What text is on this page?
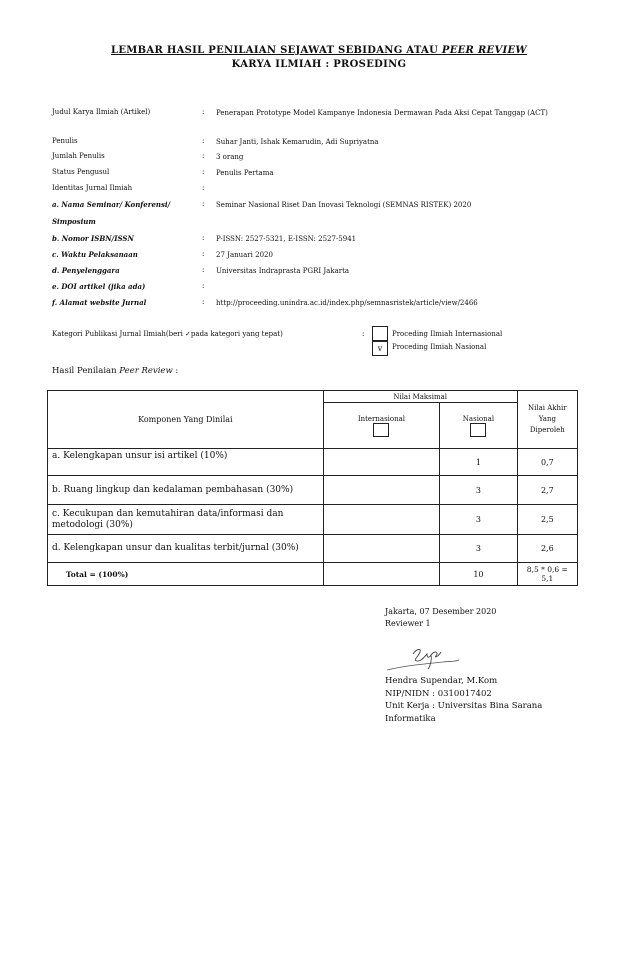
LEMBAR HASIL PENILAIAN SEJAWAT SEBIDANG ATAU PEER REVIEW
KARYA ILMIAH : PROSEDING
Judul Karya Ilmiah (Artikel)	: Penerapan Prototype Model Kampanye Indonesia Dermawan Pada Aksi Cepat Tanggap (ACT)
Penulis	: Suhar Janti, Ishak Kemarudin, Adi Supriyatna
Jumlah Penulis	: 3 orang
Status Pengusul	: Penulis Pertama
Identitas Jurnal Ilmiah	:
a. Nama Seminar/ Konferensi/	: Seminar Nasional Riset Dan Inovasi Teknologi (SEMNAS RISTEK) 2020
Simposium
b. Nomor ISBN/ISSN	: P-ISSN: 2527-5321, E-ISSN: 2527-5941
c. Waktu Pelaksanaan	: 27 Januari 2020
d. Penyelenggara	: Universitas Indraprasta PGRI Jakarta
e. DOI artikel (jika ada)	:
f. Alamat website Jurnal	: http://proceeding.unindra.ac.id/index.php/semnasristek/article/view/2466
Kategori Publikasi Jurnal Ilmiah(beri ✓pada kategori yang tepat)	:	Proceding Ilmiah Internasional
v	Proceding Ilmiah Nasional
Hasil Penilaian Peer Review :
Komponen Yang Dinilai	Nilai Maksimal		Nilai Akhir Yang Diperoleh

	Internasional	Nasional	

a. Kelengkapan unsur isi artikel (10%)		1	0,7
b. Ruang lingkup dan kedalaman pembahasan (30%)		3	2,7
c. Kecukupan dan kemutahiran data/informasi dan metodologi (30%)		3	2,5
d. Kelengkapan unsur dan kualitas terbit/jurnal (30%)		3	2,6
Total = (100%)		10	8,5 * 0,6 = 5,1
Jakarta, 07 Desember 2020
Reviewer 1
Hendra Supendar, M.Kom
NIP/NIDN : 0310017402
Unit Kerja : Universitas Bina Sarana Informatika
